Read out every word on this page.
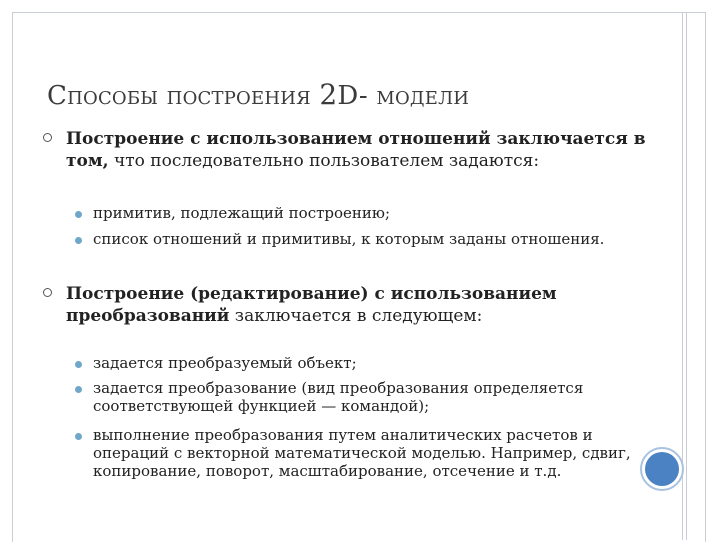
Способы построения 2D- модели
Построение с использованием отношений заключается в том, что последовательно пользователем задаются:
примитив, подлежащий построению;
список отношений и примитивы, к которым заданы отношения.
Построение (редактирование) с использованием преобразований заключается в следующем:
задается преобразуемый объект;
задается преобразование (вид преобразования определяется соответствующей функцией — командой);
выполнение преобразования путем аналитических расчетов и операций с векторной математической моделью. Например, сдвиг, копирование, поворот, масштабирование, отсечение и т.д.
